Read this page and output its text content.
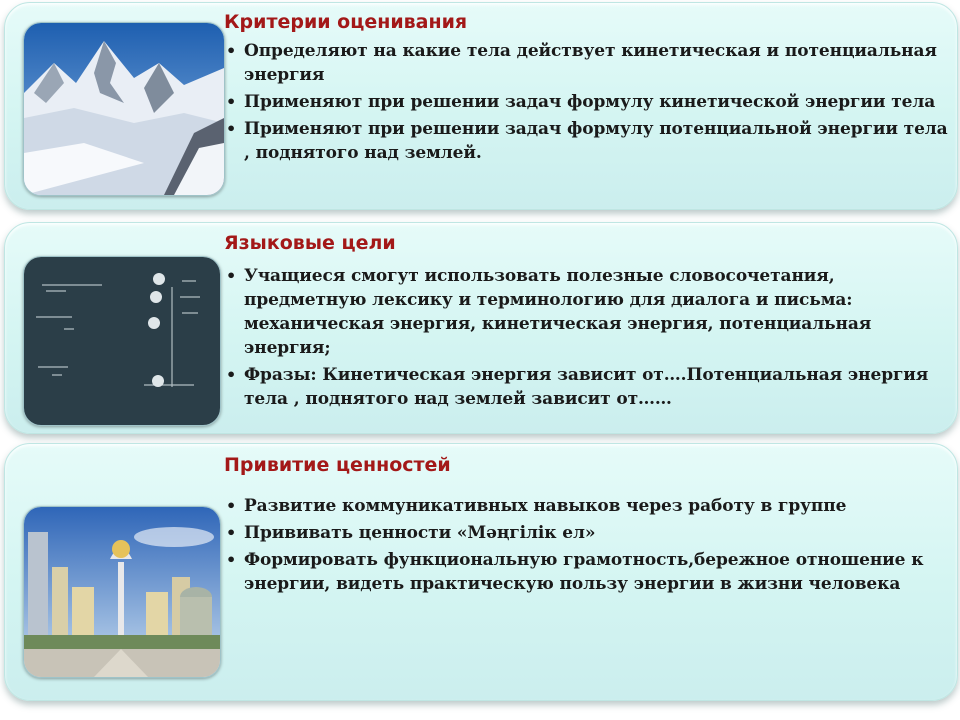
Критерии оценивания
• Определяют на какие тела действует кинетическая и потенциальная энергия
• Применяют при решении задач формулу кинетической энергии тела
• Применяют при решении задач формулу потенциальной энергии тела , поднятого над землей.
Языковые цели
• Учащиеся смогут использовать полезные словосочетания, предметную лексику и терминологию для диалога и письма: механическая энергия, кинетическая энергия, потенциальная энергия;
• Фразы: Кинетическая энергия зависит от….Потенциальная энергия тела , поднятого над землей зависит от……
Привитие ценностей
• Развитие коммуникативных навыков через работу в группе
• Прививать ценности «Мәңгілік ел»
• Формировать функциональную грамотность,бережное отношение к энергии, видеть практическую пользу энергии в жизни человека
